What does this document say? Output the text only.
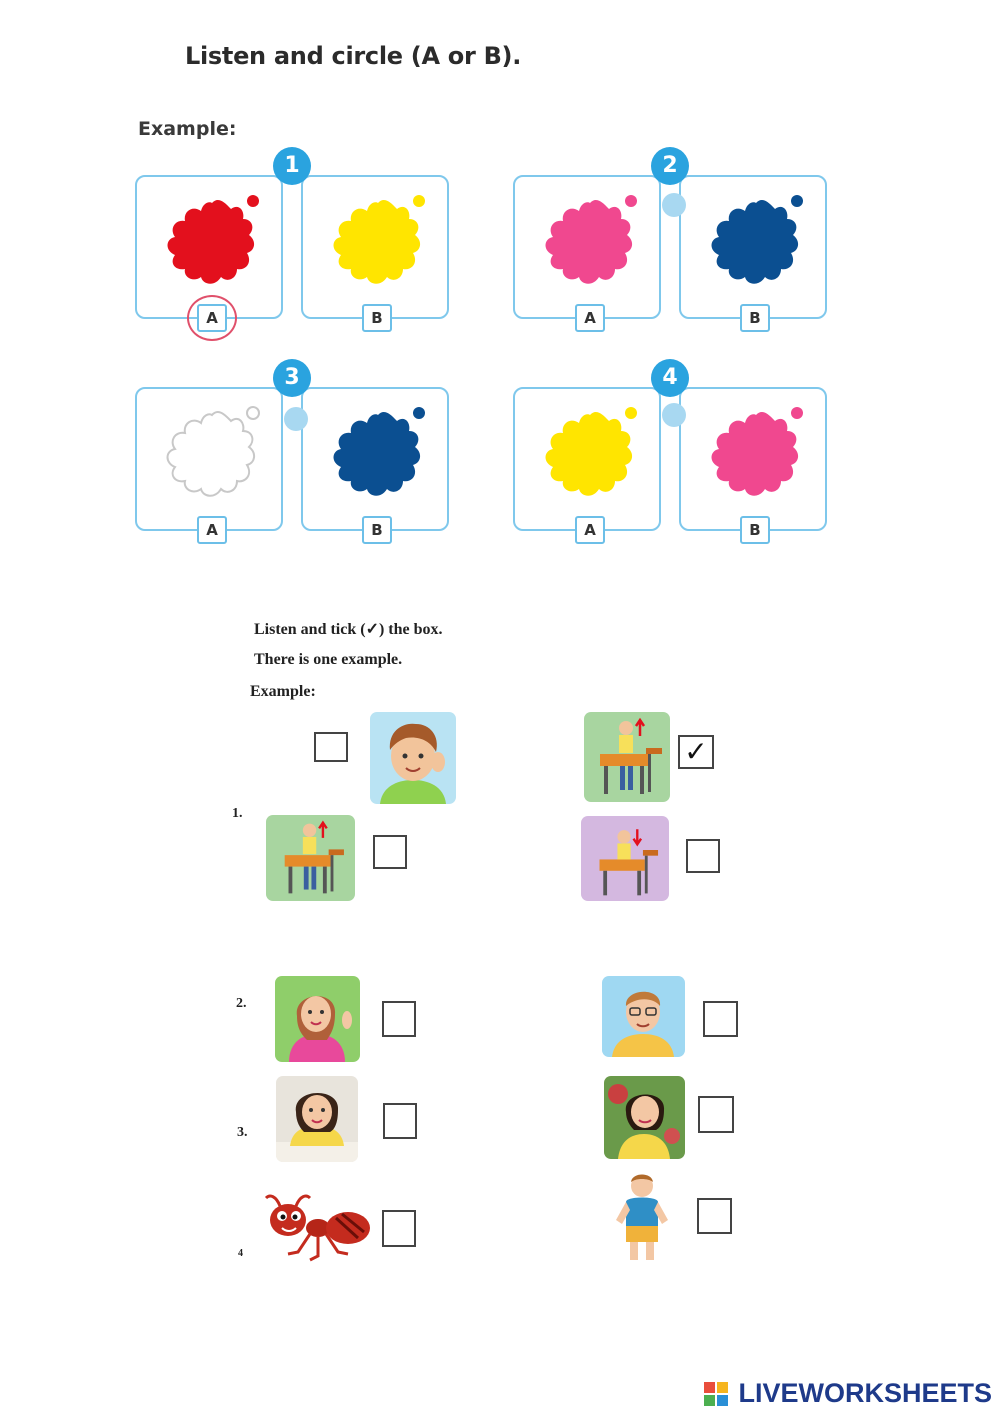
Listen and circle (A or B).
Example:
1
A	B
2
A	B
3
A	B
4
A	B
Listen and tick (✓) the box.
There is one example.
Example:
✓
1.
2.
3.
4
LIVEWORKSHEETS
